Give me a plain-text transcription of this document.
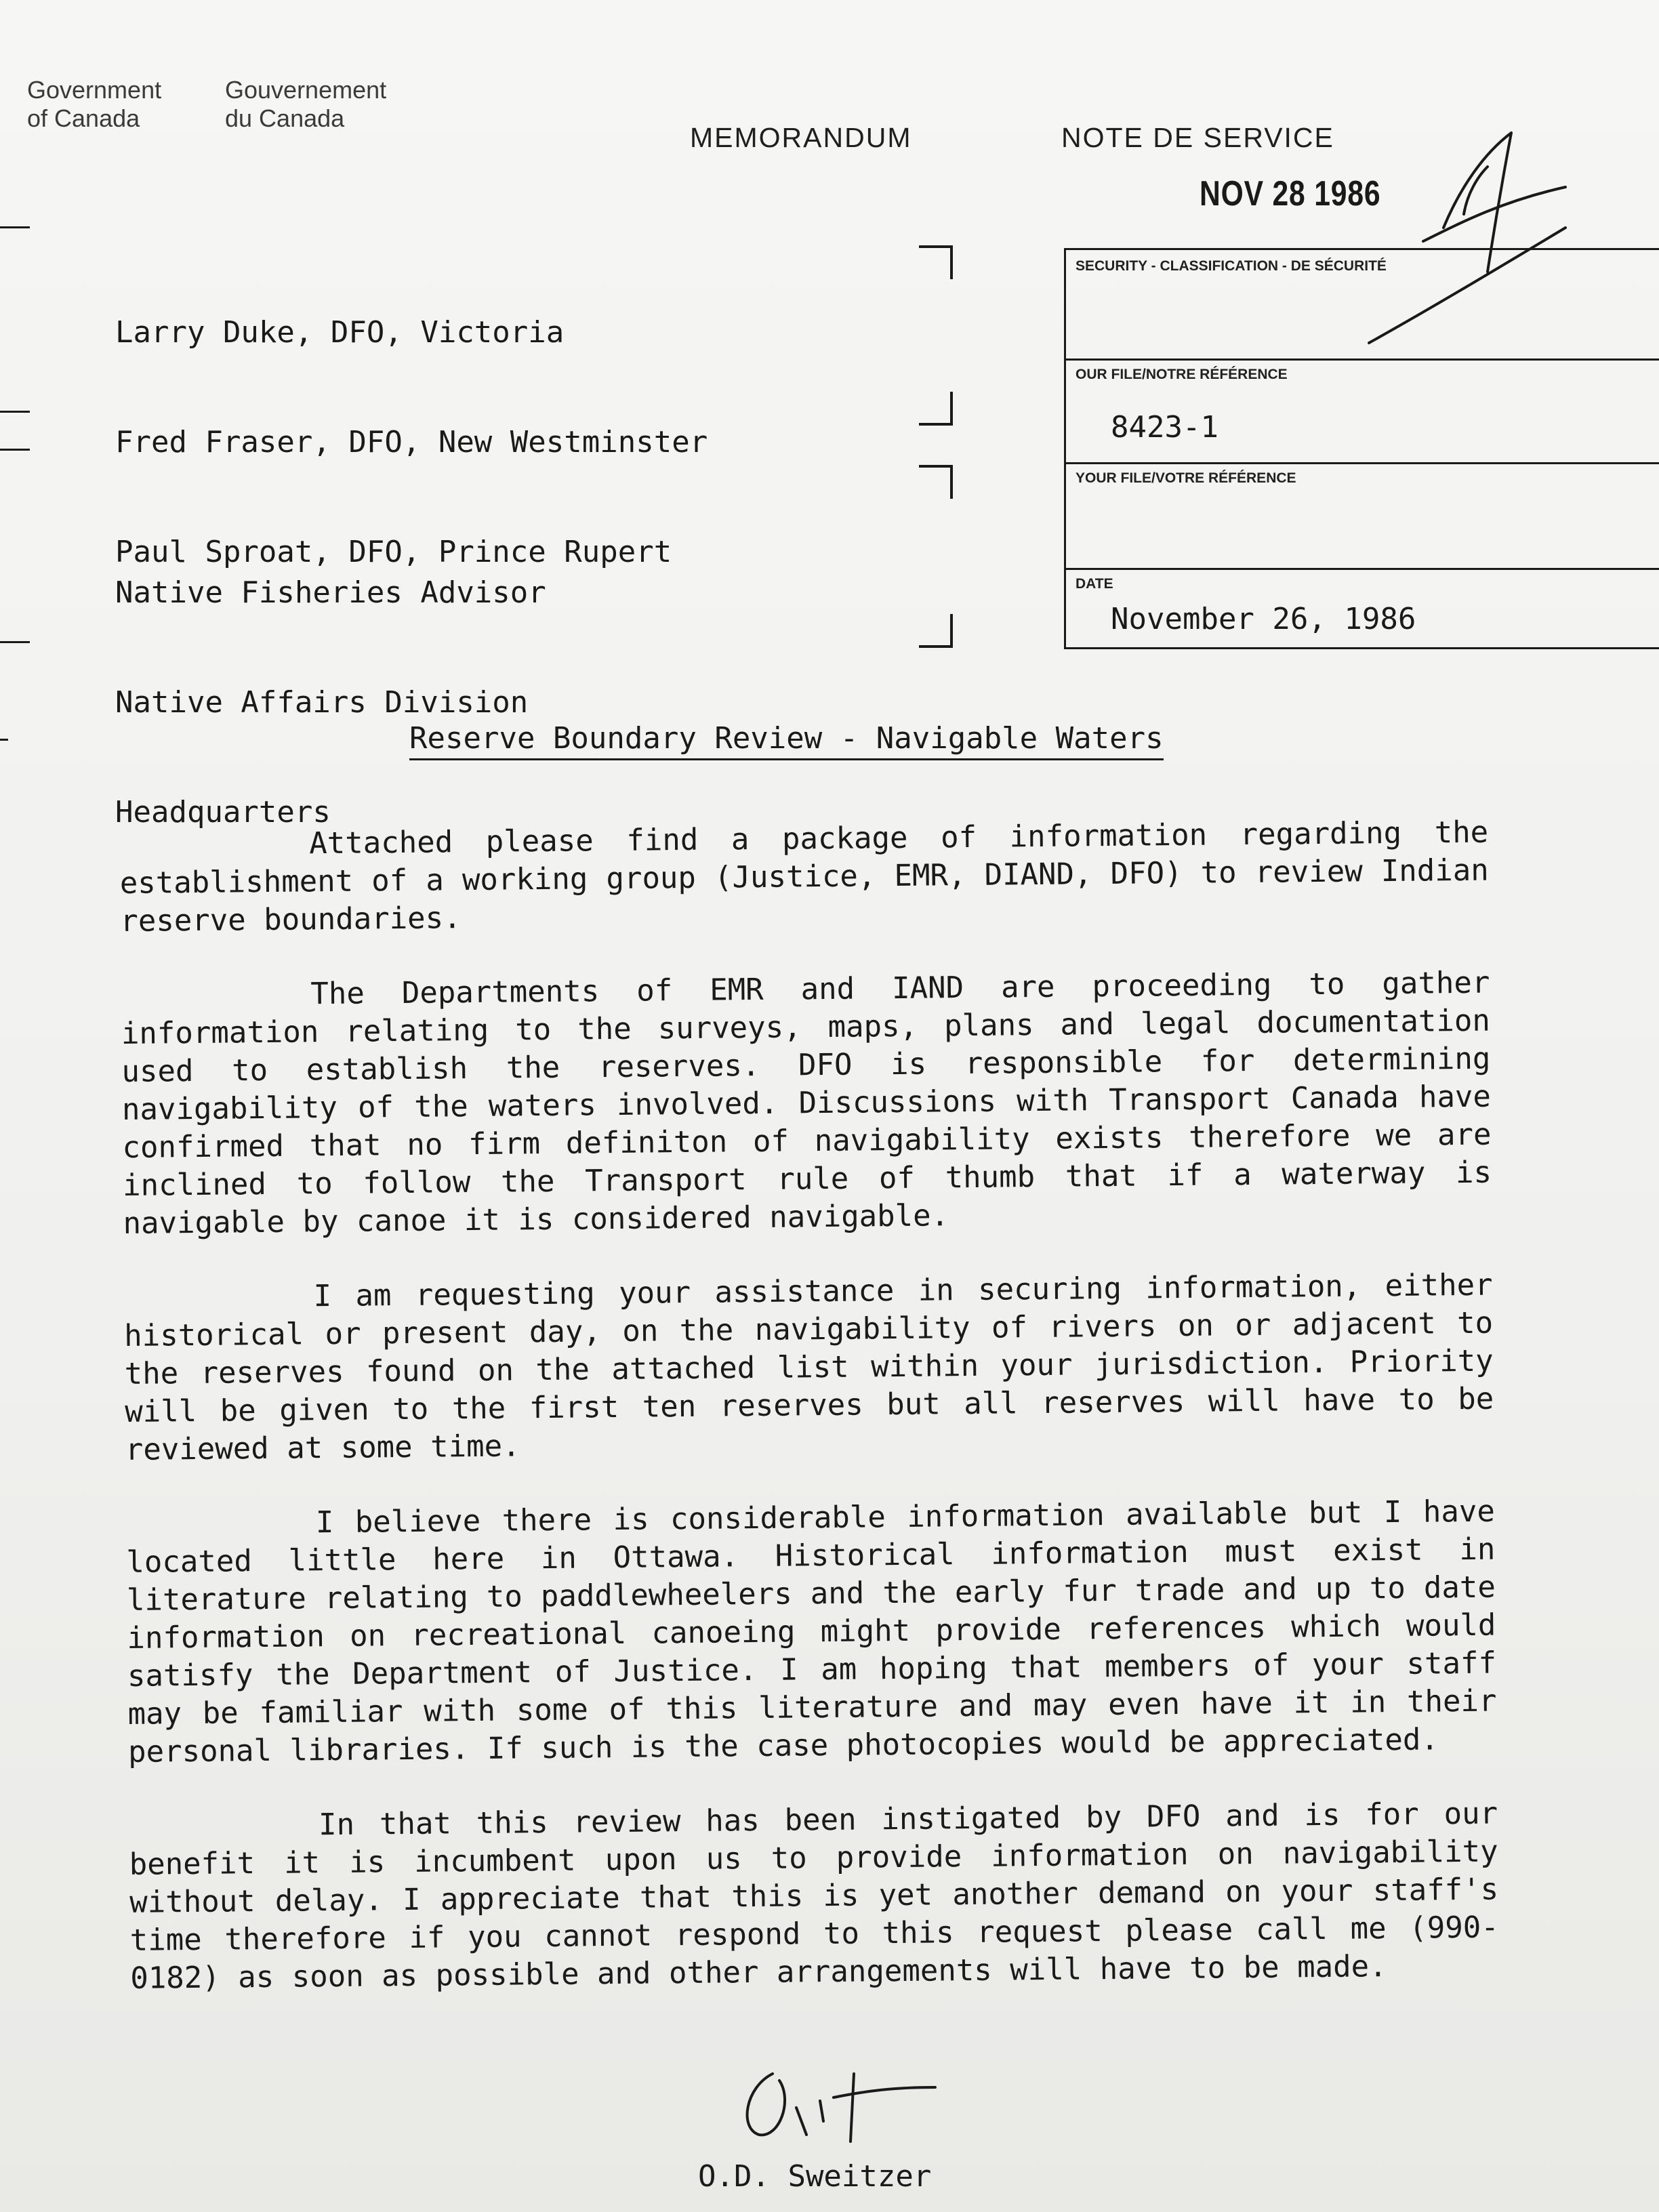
Government
of Canada
Gouvernement
du Canada
MEMORANDUM	NOTE DE SERVICE
NOV 28 1986

Larry Duke, DFO, Victoria

Fred Fraser, DFO, New Westminster

Paul Sproat, DFO, Prince Rupert

Native Fisheries Advisor

Native Affairs Division

Headquarters

SECURITY - CLASSIFICATION - DE SÉCURITÉ
OUR FILE/NOTRE RÉFÉRENCE
8423-1
YOUR FILE/VOTRE RÉFÉRENCE
DATE
November 26, 1986
Reserve Boundary Review - Navigable Waters

Attached please find a package of information regarding the establishment of a working group (Justice, EMR, DIAND, DFO) to review Indian reserve boundaries.

The Departments of EMR and IAND are proceeding to gather information relating to the surveys, maps, plans and legal documentation used to establish the reserves. DFO is responsible for determining navigability of the waters involved. Discussions with Transport Canada have confirmed that no firm definiton of navigability exists therefore we are inclined to follow the Transport rule of thumb that if a waterway is navigable by canoe it is considered navigable.

I am requesting your assistance in securing information, either historical or present day, on the navigability of rivers on or adjacent to the reserves found on the attached list within your jurisdiction. Priority will be given to the first ten reserves but all reserves will have to be reviewed at some time.

I believe there is considerable information available but I have located little here in Ottawa. Historical information must exist in literature relating to paddlewheelers and the early fur trade and up to date information on recreational canoeing might provide references which would satisfy the Department of Justice. I am hoping that members of your staff may be familiar with some of this literature and may even have it in their personal libraries. If such is the case photocopies would be appreciated.

In that this review has been instigated by DFO and is for our benefit it is incumbent upon us to provide information on navigability without delay. I appreciate that this is yet another demand on your staff's time therefore if you cannot respond to this request please call me (990-0182) as soon as possible and other arrangements will have to be made.

O.D. Sweitzer
